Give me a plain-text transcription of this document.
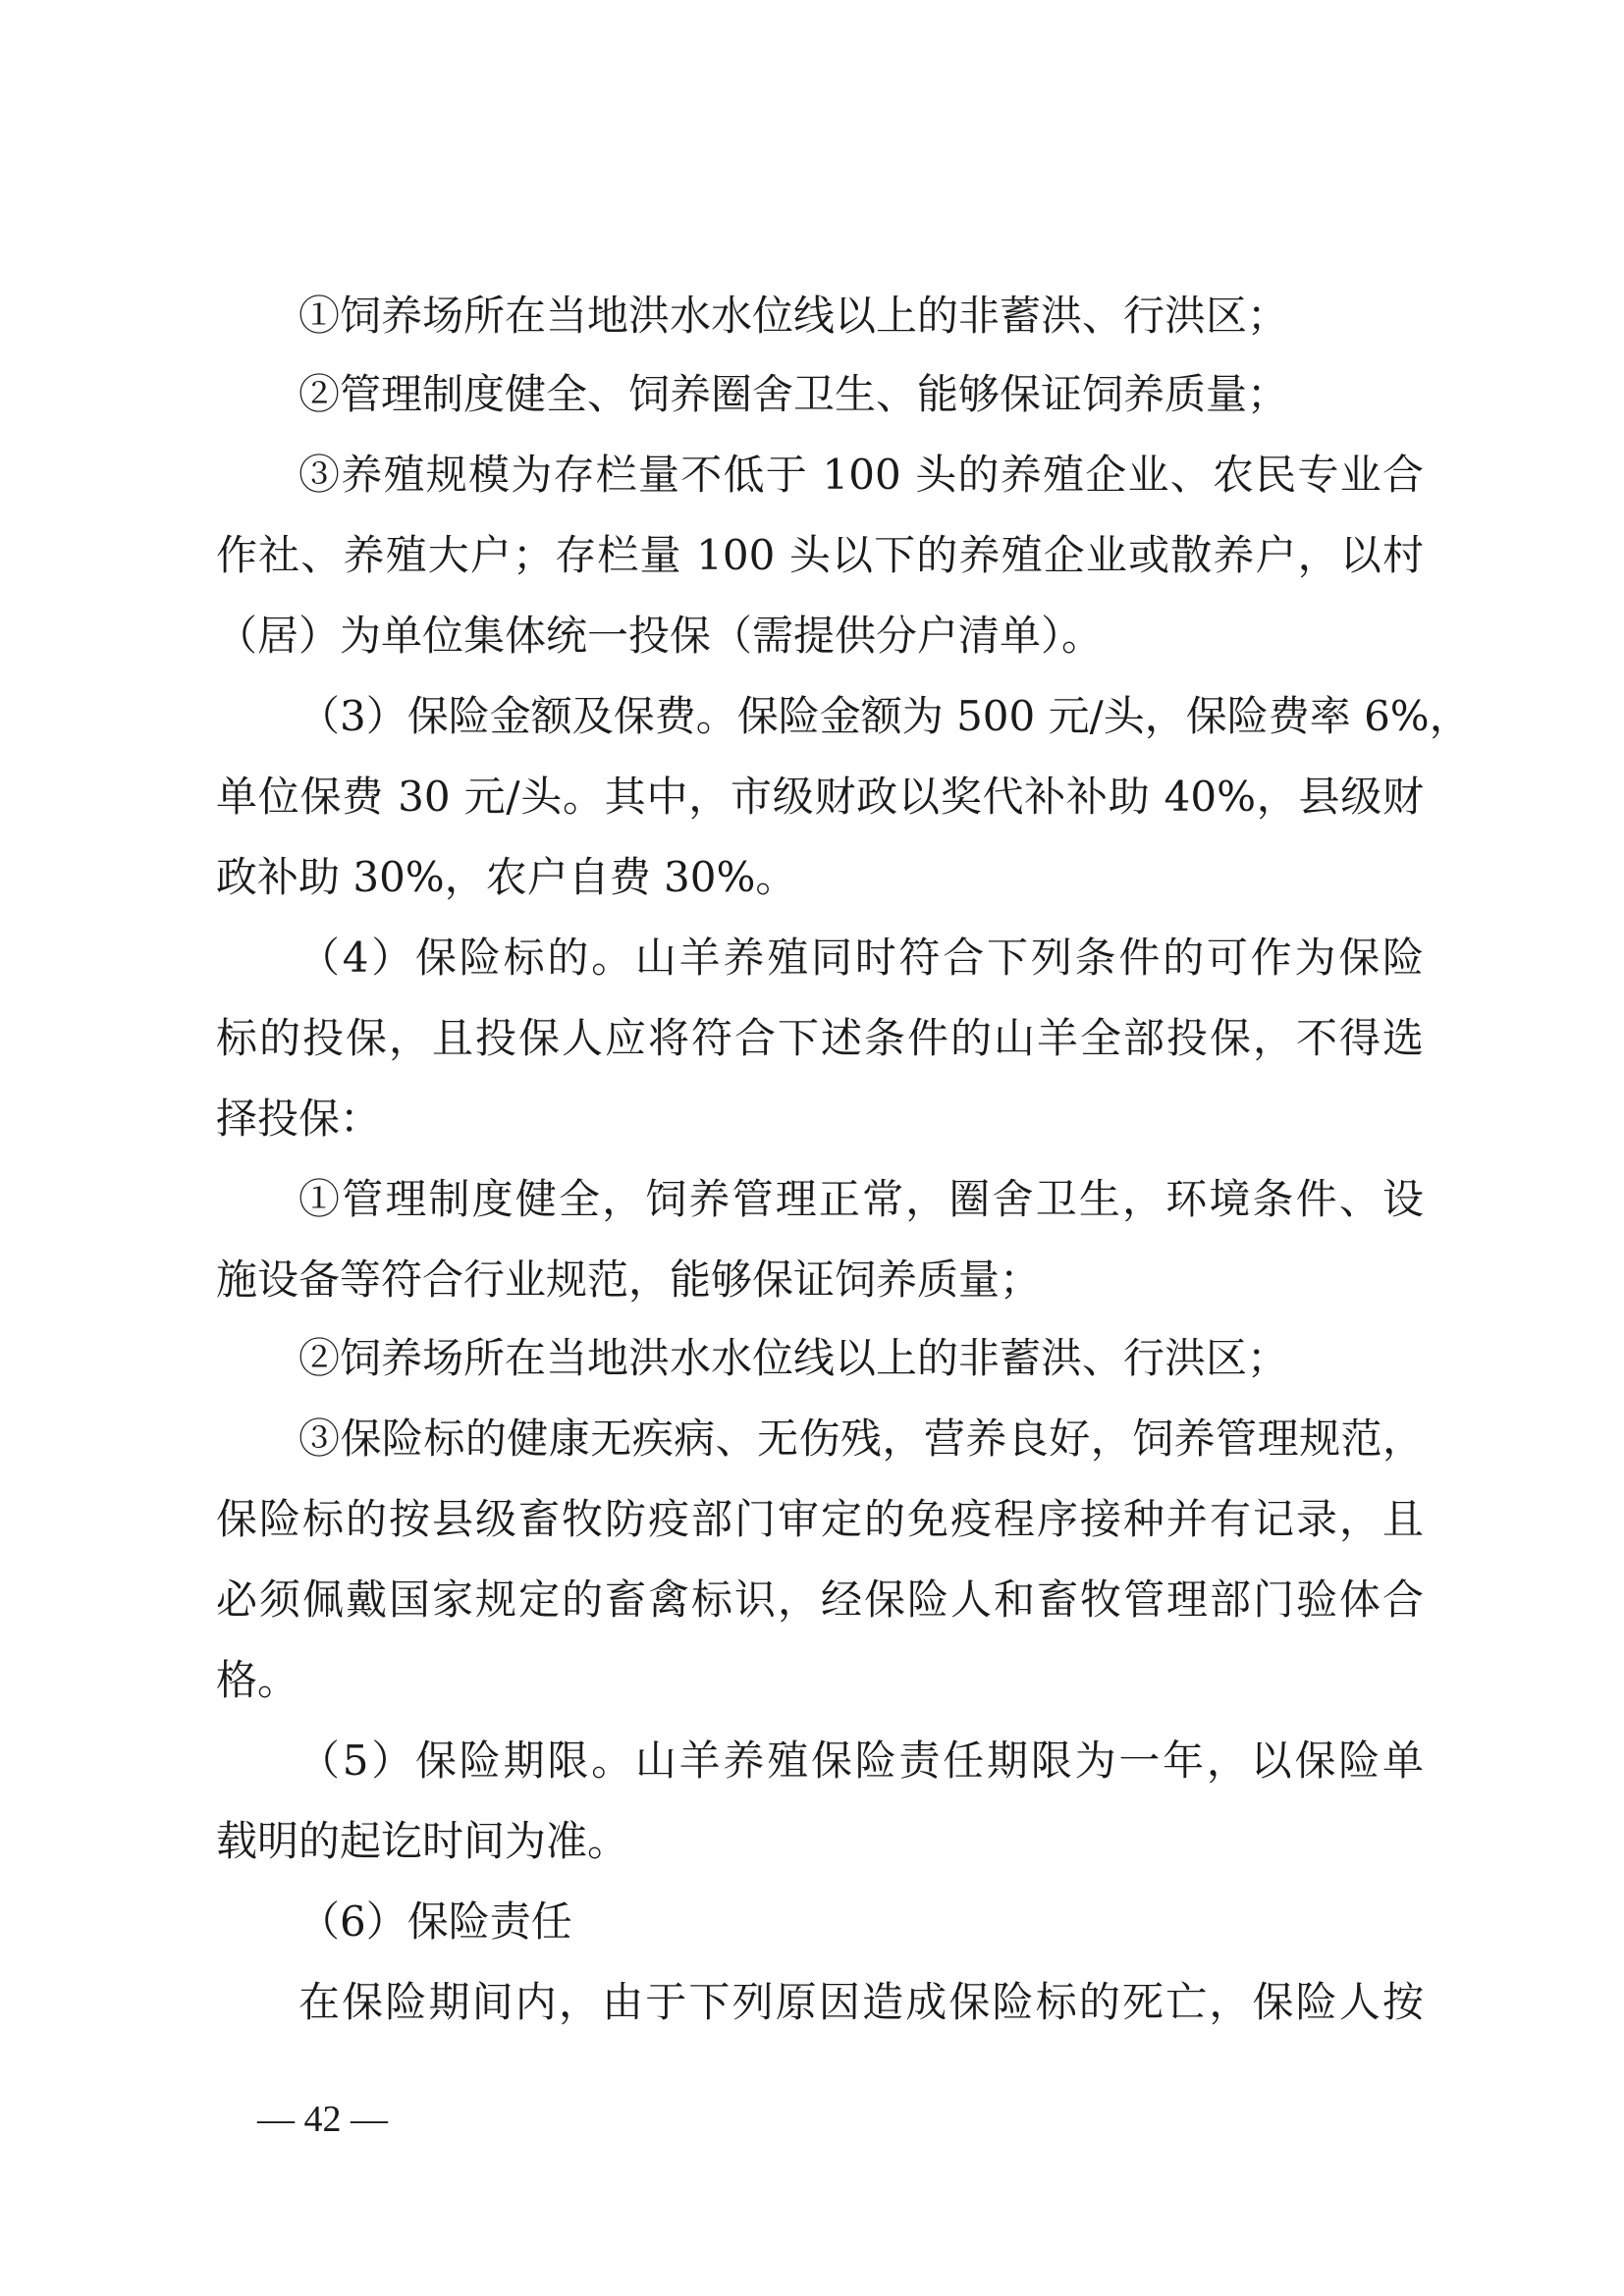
①饲养场所在当地洪水水位线以上的非蓄洪、行洪区；
②管理制度健全、饲养圈舍卫生、能够保证饲养质量；
③养殖规模为存栏量不低于 100 头的养殖企业、农民专业合
作社、养殖大户；存栏量 100 头以下的养殖企业或散养户，以村
（居）为单位集体统一投保（需提供分户清单）。
（3）保险金额及保费。保险金额为 500 元/头，保险费率 6%，
单位保费 30 元/头。其中，市级财政以奖代补补助 40%，县级财
政补助 30%，农户自费 30%。
（4）保险标的。山羊养殖同时符合下列条件的可作为保险
标的投保，且投保人应将符合下述条件的山羊全部投保，不得选
择投保：
①管理制度健全，饲养管理正常，圈舍卫生，环境条件、设
施设备等符合行业规范，能够保证饲养质量；
②饲养场所在当地洪水水位线以上的非蓄洪、行洪区；
③保险标的健康无疾病、无伤残，营养良好，饲养管理规范，
保险标的按县级畜牧防疫部门审定的免疫程序接种并有记录，且
必须佩戴国家规定的畜禽标识，经保险人和畜牧管理部门验体合
格。
（5）保险期限。山羊养殖保险责任期限为一年，以保险单
载明的起讫时间为准。
（6）保险责任
在保险期间内，由于下列原因造成保险标的死亡，保险人按
— 42 —
